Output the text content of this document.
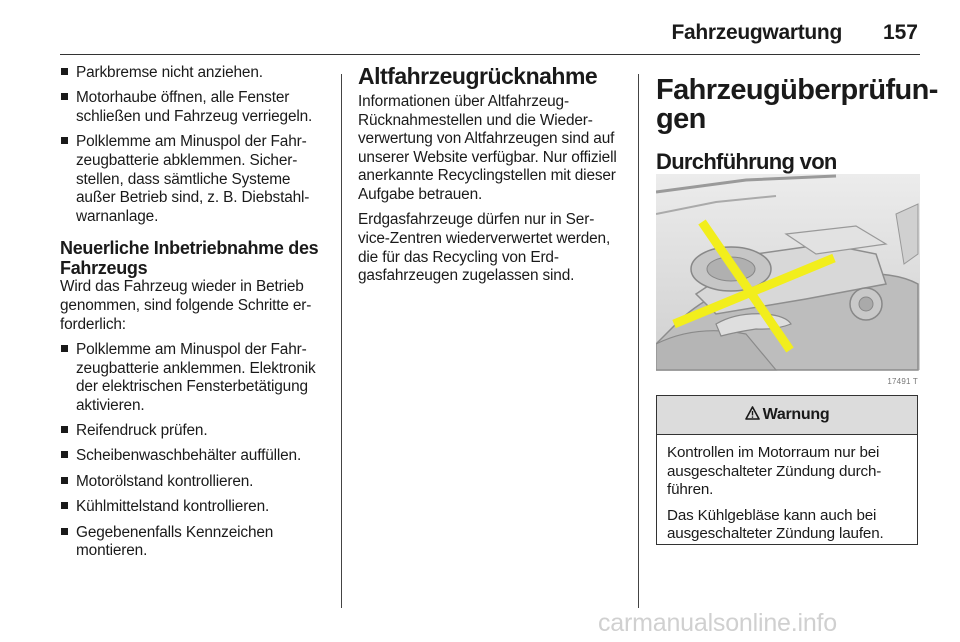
Fahrzeugwartung 157
Parkbremse nicht anziehen.
Motorhaube öffnen, alle Fenster schließen und Fahrzeug verriegeln.
Polklemme am Minuspol der Fahrzeugbatterie abklemmen. Sicherstellen, dass sämtliche Systeme außer Betrieb sind, z. B. Diebstahlwarnanlage.
Neuerliche Inbetriebnahme des Fahrzeugs

Wird das Fahrzeug wieder in Betrieb genommen, sind folgende Schritte erforderlich:

Polklemme am Minuspol der Fahrzeugbatterie anklemmen. Elektronik der elektrischen Fensterbetätigung aktivieren.
Reifendruck prüfen.
Scheibenwaschbehälter auffüllen.
Motorölstand kontrollieren.
Kühlmittelstand kontrollieren.
Gegebenenfalls Kennzeichen montieren.
Altfahrzeugrücknahme

Informationen über AltfahrzeugRücknahmestellen und die Wiederverwertung von Altfahrzeugen sind auf unserer Website verfügbar. Nur offiziell anerkannte Recyclingstellen mit dieser Aufgabe betrauen.

Erdgasfahrzeuge dürfen nur in Service-Zentren wiederverwertet werden, die für das Recycling von Erdgasfahrzeugen zugelassen sind.

Fahrzeugüberprüfungen
Durchführung von
17491 T
Warnung

Kontrollen im Motorraum nur bei ausgeschalteter Zündung durchführen.

Das Kühlgebläse kann auch bei ausgeschalteter Zündung laufen.

carmanualsonline.info
